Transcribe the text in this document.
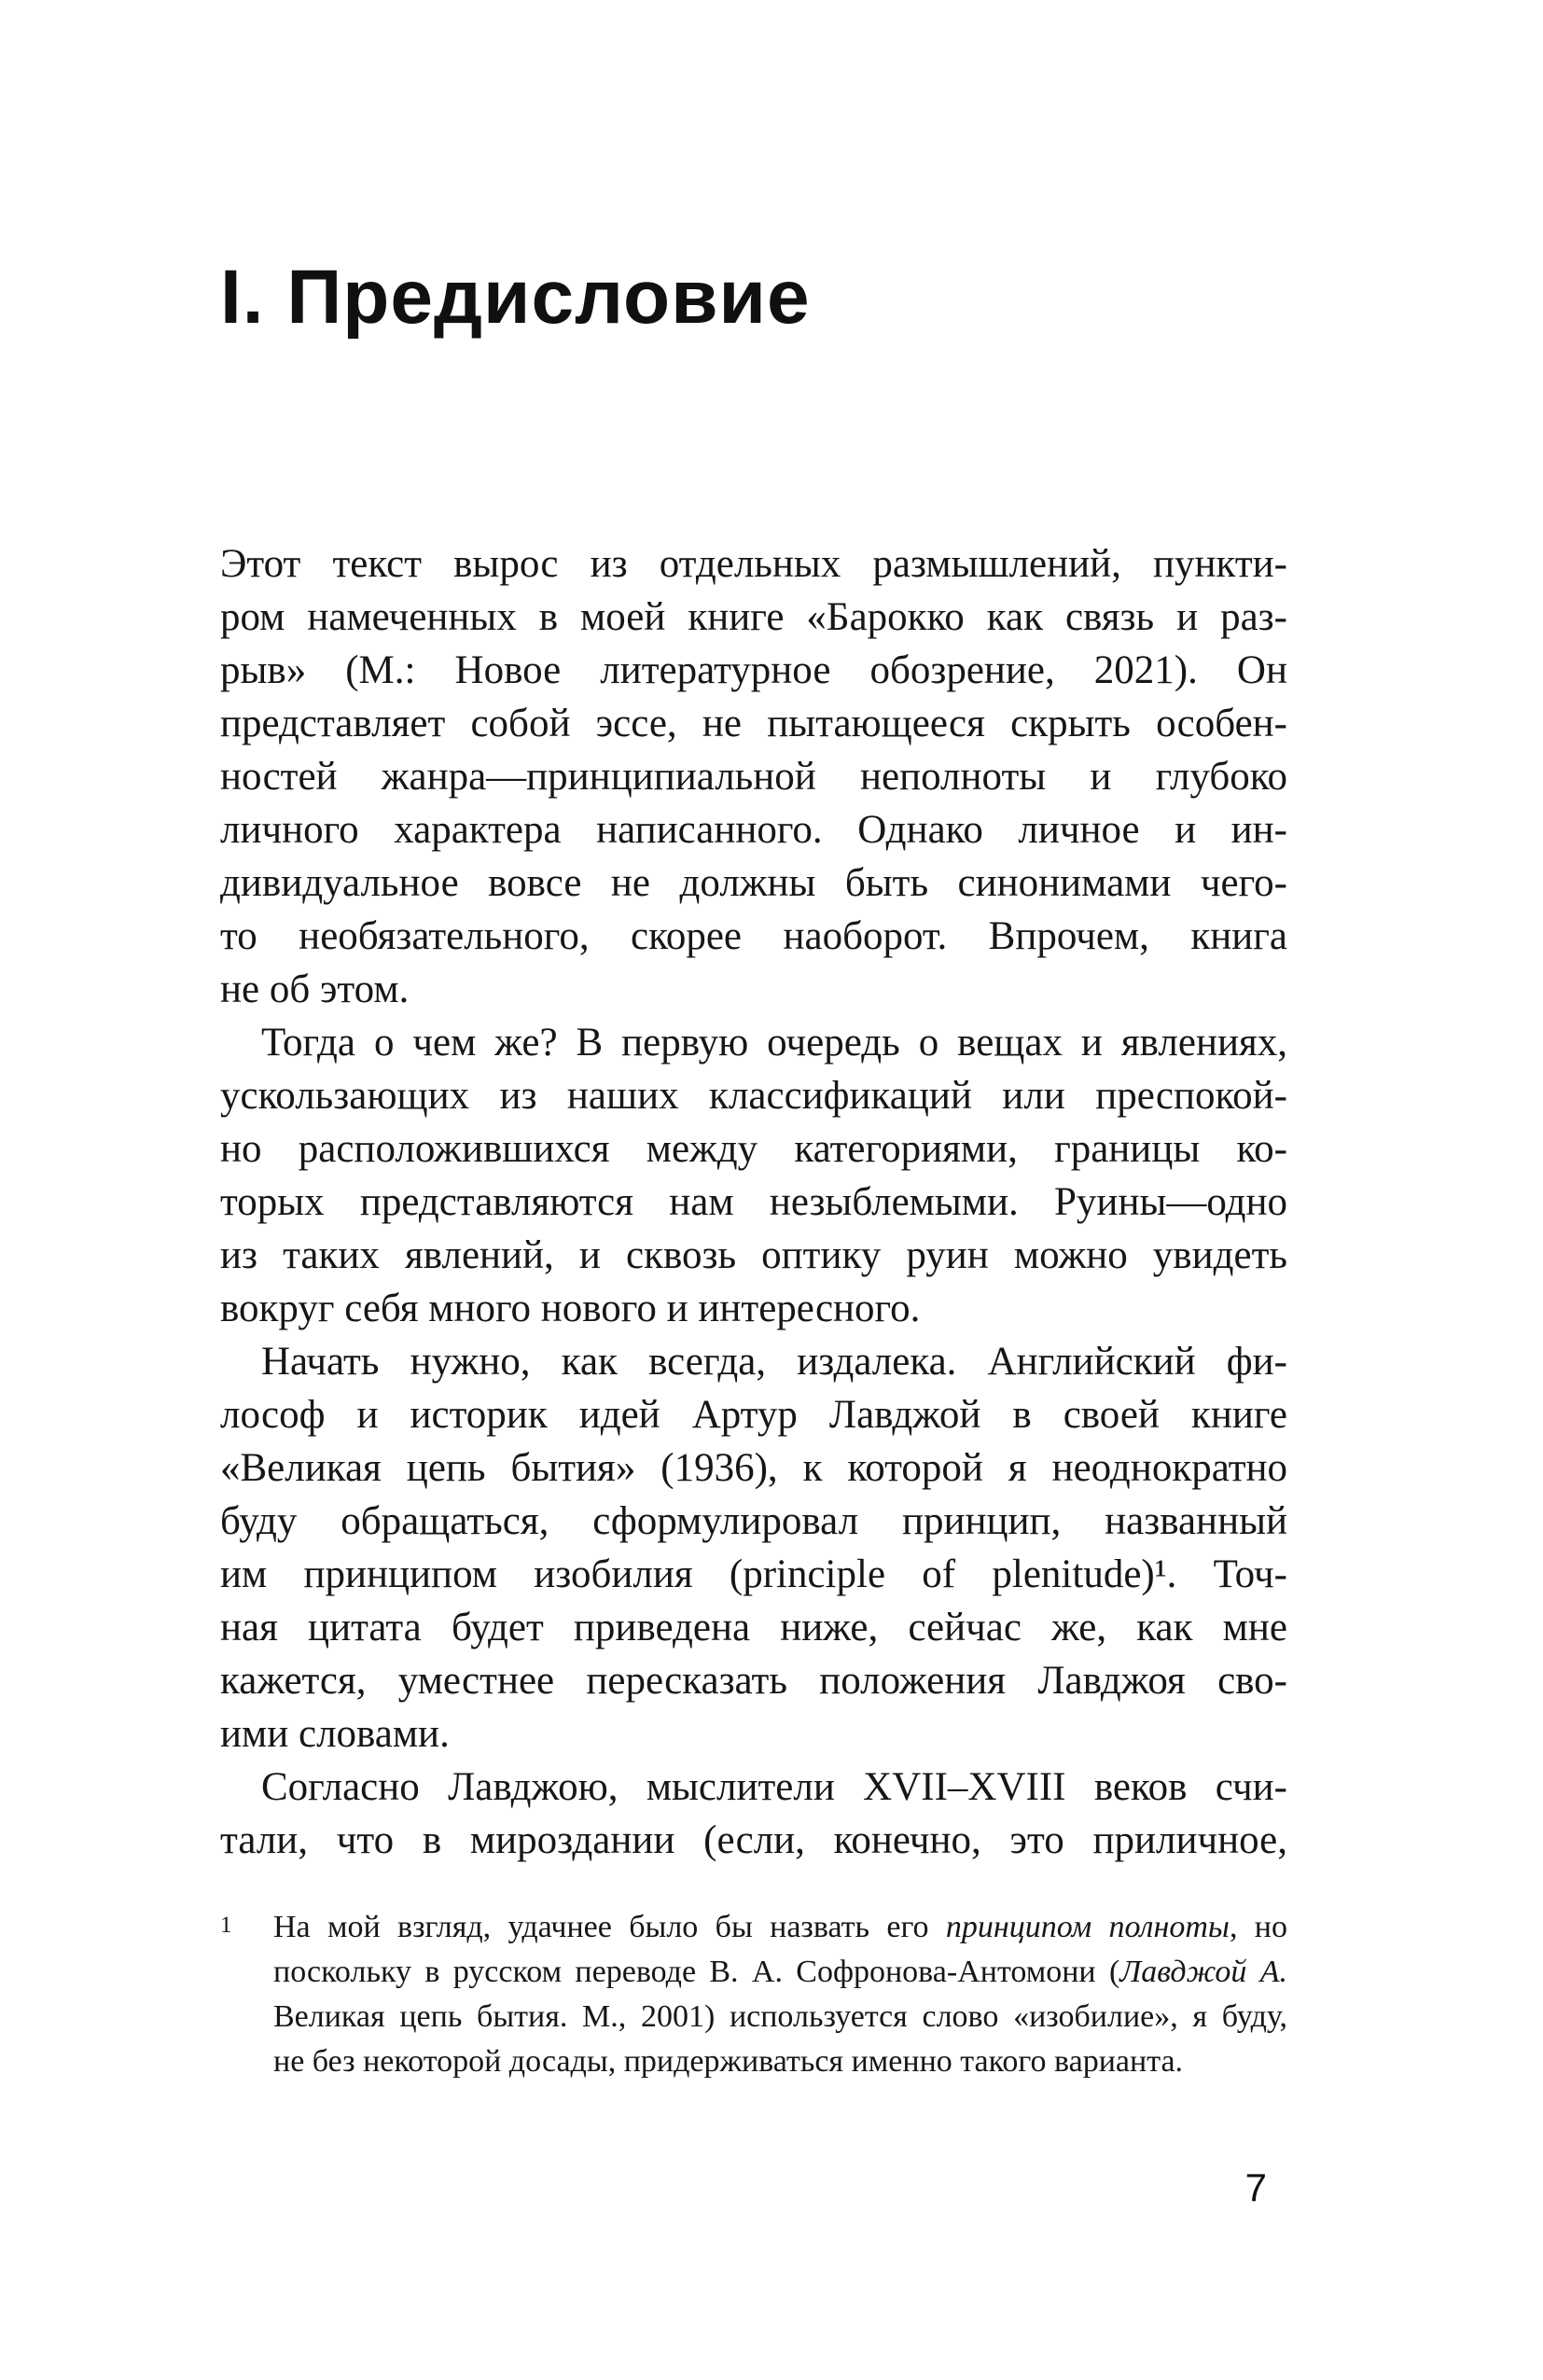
I. Предисловие
Этот текст вырос из отдельных размышлений, пункти-
ром намеченных в моей книге «Барокко как связь и раз-
рыв» (М.: Новое литературное обозрение, 2021). Он
представляет собой эссе, не пытающееся скрыть особен-
ностей жанра—принципиальной неполноты и глубоко
личного характера написанного. Однако личное и ин-
дивидуальное вовсе не должны быть синонимами чего-
то необязательного, скорее наоборот. Впрочем, книга
не об этом.
Тогда о чем же? В первую очередь о вещах и явлениях,
ускользающих из наших классификаций или преспокой-
но расположившихся между категориями, границы ко-
торых представляются нам незыблемыми. Руины—одно
из таких явлений, и сквозь оптику руин можно увидеть
вокруг себя много нового и интересного.
Начать нужно, как всегда, издалека. Английский фи-
лософ и историк идей Артур Лавджой в своей книге
«Великая цепь бытия» (1936), к которой я неоднократно
буду обращаться, сформулировал принцип, названный
им принципом изобилия (principle of plenitude)¹. Точ-
ная цитата будет приведена ниже, сейчас же, как мне
кажется, уместнее пересказать положения Лавджоя сво-
ими словами.
Согласно Лавджою, мыслители XVII–XVIII веков счи-
тали, что в мироздании (если, конечно, это приличное,
1	На мой взгляд, удачнее было бы назвать его принципом полноты, но
поскольку в русском переводе В. А. Софронова-Антомони (Лавджой А.
Великая цепь бытия. М., 2001) используется слово «изобилие», я буду,
не без некоторой досады, придерживаться именно такого варианта.
7
